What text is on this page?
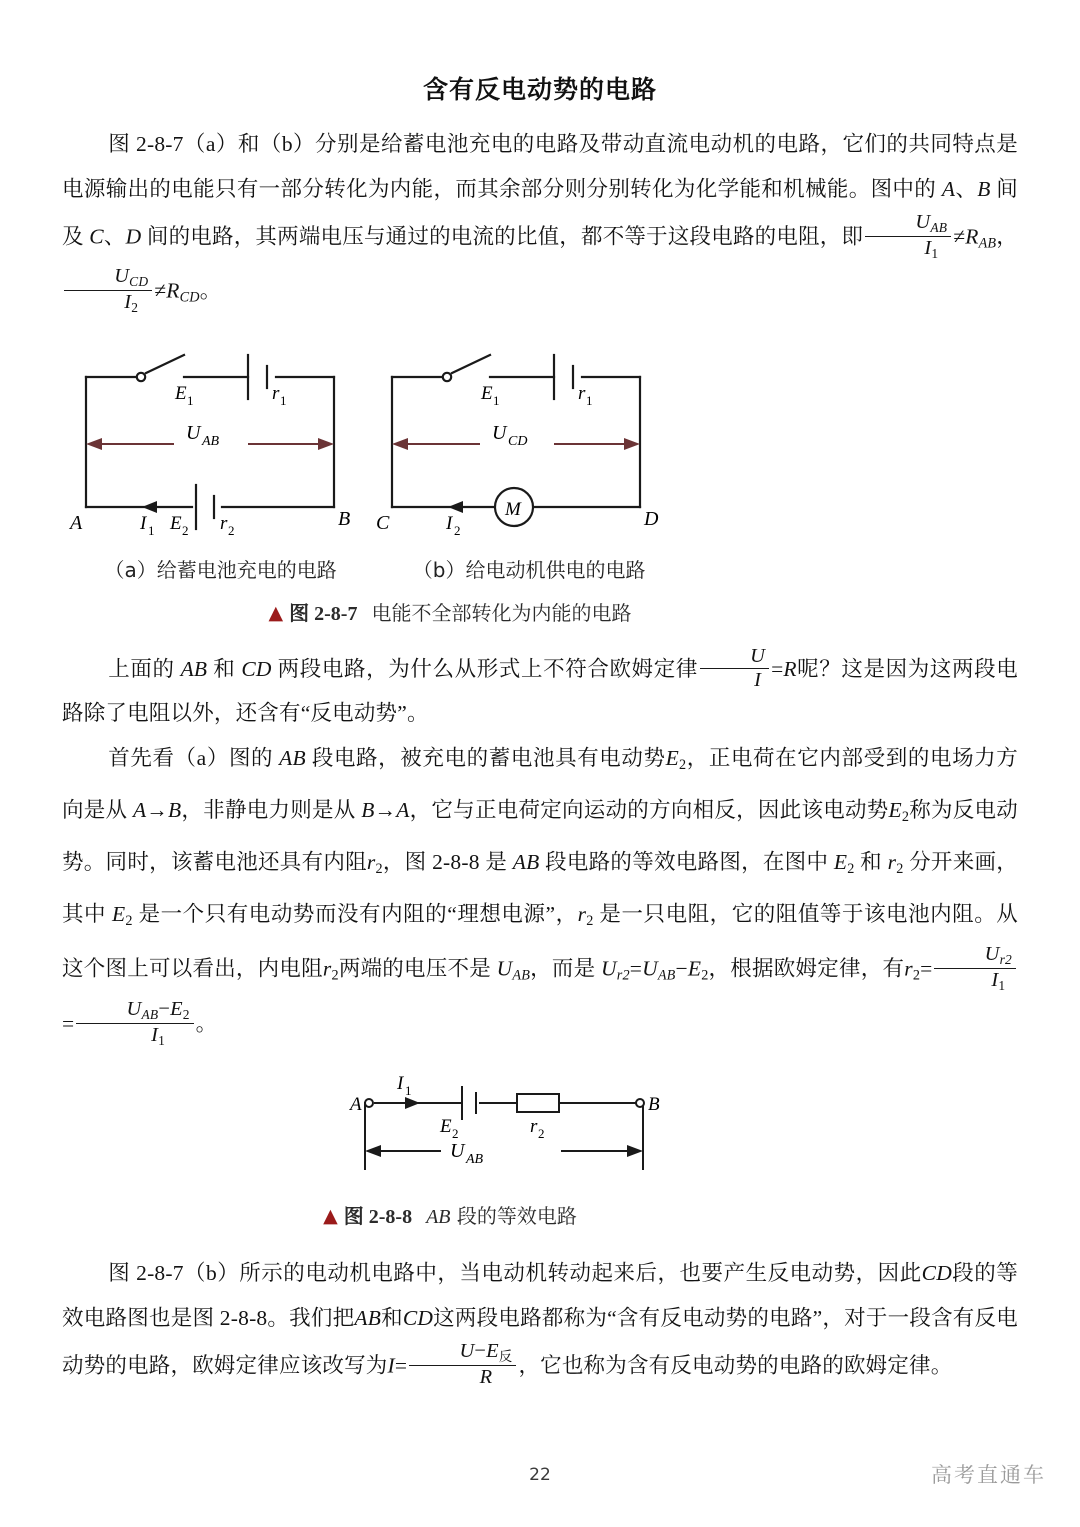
含有反电动势的电路

图 2-8-7（a）和（b）分别是给蓄电池充电的电路及带动直流电动机的电路，它们的共同特点是电源输出的电能只有一部分转化为内能，而其余部分则分别转化为化学能和机械能。图中的 A、B 间及 C、D 间的电路，其两端电压与通过的电流的比值，都不等于这段电路的电阻，即 $\frac{U_{AB}}{I_1} \ne R_{AB}$，
$\frac{U_{CD}}{I_2} \ne R_{CD}$。

E 1	r 1
I 1 E 2 r 2
A	B
U AB
M
E 1	r 1
I 2
C	D
U CD
（a）给蓄电池充电的电路	（b）给电动机供电的电路
▲ 图 2-8-7 电能不全部转化为内能的电路

上面的 AB 和 CD 两段电路，为什么从形式上不符合欧姆定律 $\frac{U}{I} =R$呢？这是因为这两段电路除了电阻以外，还含有“反电动势”。

首先看（a）图的 AB 段电路，被充电的蓄电池具有电动势$E_2$，正电荷在它内部受到的电场力方向是从 A→B，非静电力则是从 B→A，它与正电荷定向运动的方向相反，因此该电动势$E_2$称为反电动势。同时，该蓄电池还具有内阻$r_2$，图 2-8-8 是 AB 段电路的等效电路图，在图中 $E_2$ 和 $r_2$ 分开来画，其中 $E_2$ 是一个只有电动势而没有内阻的“理想电源”，$r_2$ 是一只电阻，它的阻值等于该电池内阻。从这个图上可以看出，内电阻$r_2$两端的电压不是 $U_{AB}$，而是 $U_{r2}=U_{AB}-E_2$，根据欧姆定律，有$r_2= \frac{U_{r2}}{I_1}$
= $\frac{U_{AB}-E_2}{I_1}$ 。

A	B
I 1
E 2	r 2
U AB
▲ 图 2-8-8 AB 段的等效电路

图 2-8-7（b）所示的电动机电路中，当电动机转动起来后，也要产生反电动势，因此CD段的等效电路图也是图 2-8-8。我们把AB和CD这两段电路都称为“含有反电动势的电路”，对于一段含有反电动势的电路，欧姆定律应该改写为$I= \frac{U-E_反}{R}$ ，它也称为含有反电动势的电路的欧姆定律。

22	高考直通车
